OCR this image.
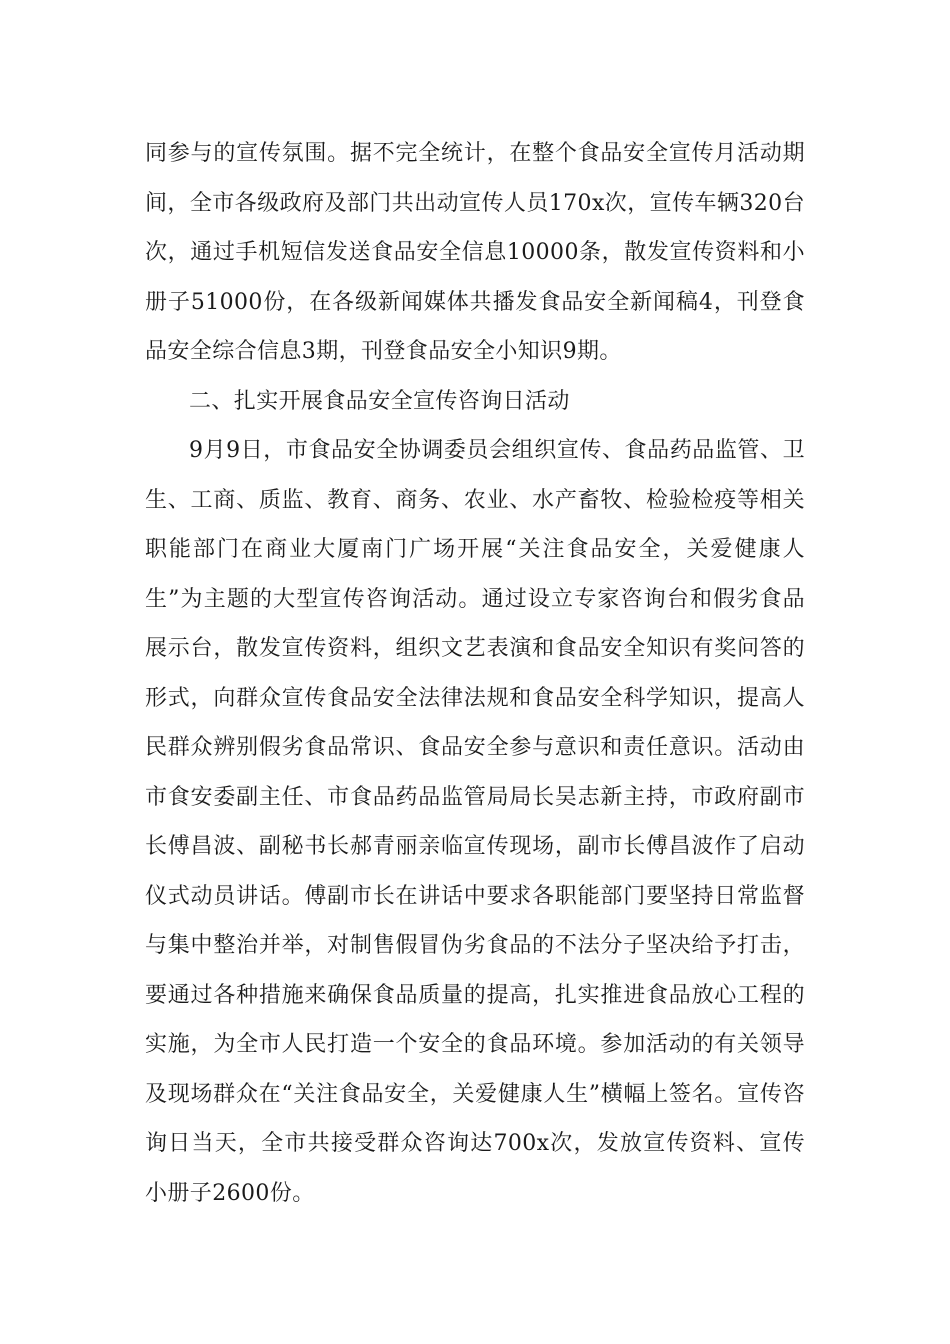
同参与的宣传氛围。据不完全统计，在整个食品安全宣传月活动期间，全市各级政府及部门共出动宣传人员170x次，宣传车辆320台次，通过手机短信发送食品安全信息10000条，散发宣传资料和小册子51000份，在各级新闻媒体共播发食品安全新闻稿4，刊登食品安全综合信息3期，刊登食品安全小知识9期。

二、扎实开展食品安全宣传咨询日活动

9月9日，市食品安全协调委员会组织宣传、食品药品监管、卫生、工商、质监、教育、商务、农业、水产畜牧、检验检疫等相关职能部门在商业大厦南门广场开展“关注食品安全，关爱健康人生”为主题的大型宣传咨询活动。通过设立专家咨询台和假劣食品展示台，散发宣传资料，组织文艺表演和食品安全知识有奖问答的形式，向群众宣传食品安全法律法规和食品安全科学知识，提高人民群众辨别假劣食品常识、食品安全参与意识和责任意识。活动由市食安委副主任、市食品药品监管局局长吴志新主持，市政府副市长傅昌波、副秘书长郝青丽亲临宣传现场，副市长傅昌波作了启动仪式动员讲话。傅副市长在讲话中要求各职能部门要坚持日常监督与集中整治并举，对制售假冒伪劣食品的不法分子坚决给予打击，要通过各种措施来确保食品质量的提高，扎实推进食品放心工程的实施，为全市人民打造一个安全的食品环境。参加活动的有关领导及现场群众在“关注食品安全，关爱健康人生”横幅上签名。宣传咨询日当天，全市共接受群众咨询达700x次，发放宣传资料、宣传小册子2600份。
